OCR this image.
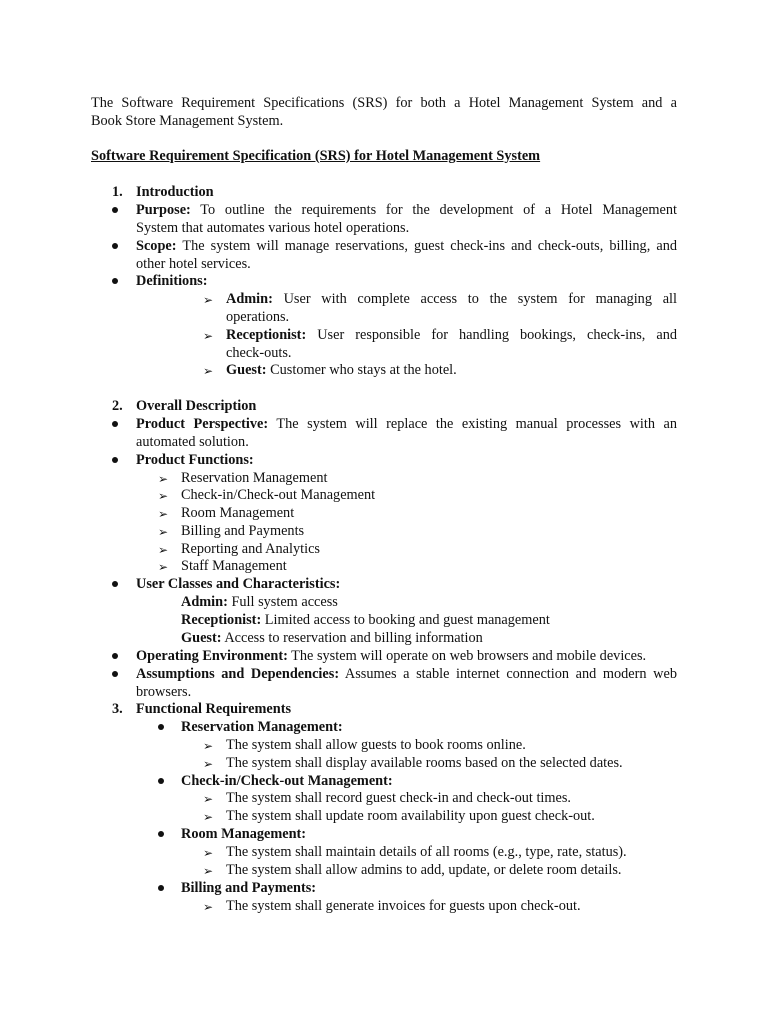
The Software Requirement Specifications (SRS) for both a Hotel Management System and a
Book Store Management System.
Software Requirement Specification (SRS) for Hotel Management System
1. Introduction
Purpose: To outline the requirements for the development of a Hotel Management
System that automates various hotel operations.
Scope: The system will manage reservations, guest check-ins and check-outs, billing, and
other hotel services.
Definitions:
➢ Admin: User with complete access to the system for managing all
operations.
➢ Receptionist: User responsible for handling bookings, check-ins, and
check-outs.
➢ Guest: Customer who stays at the hotel.
2. Overall Description
Product Perspective: The system will replace the existing manual processes with an
automated solution.
Product Functions:
➢ Reservation Management
➢ Check-in/Check-out Management
➢ Room Management
➢ Billing and Payments
➢ Reporting and Analytics
➢ Staff Management
User Classes and Characteristics:
Admin: Full system access
Receptionist: Limited access to booking and guest management
Guest: Access to reservation and billing information
Operating Environment: The system will operate on web browsers and mobile devices.
Assumptions and Dependencies: Assumes a stable internet connection and modern web
browsers.
3. Functional Requirements
Reservation Management:
➢ The system shall allow guests to book rooms online.
➢ The system shall display available rooms based on the selected dates.
Check-in/Check-out Management:
➢ The system shall record guest check-in and check-out times.
➢ The system shall update room availability upon guest check-out.
Room Management:
➢ The system shall maintain details of all rooms (e.g., type, rate, status).
➢ The system shall allow admins to add, update, or delete room details.
Billing and Payments:
➢ The system shall generate invoices for guests upon check-out.
